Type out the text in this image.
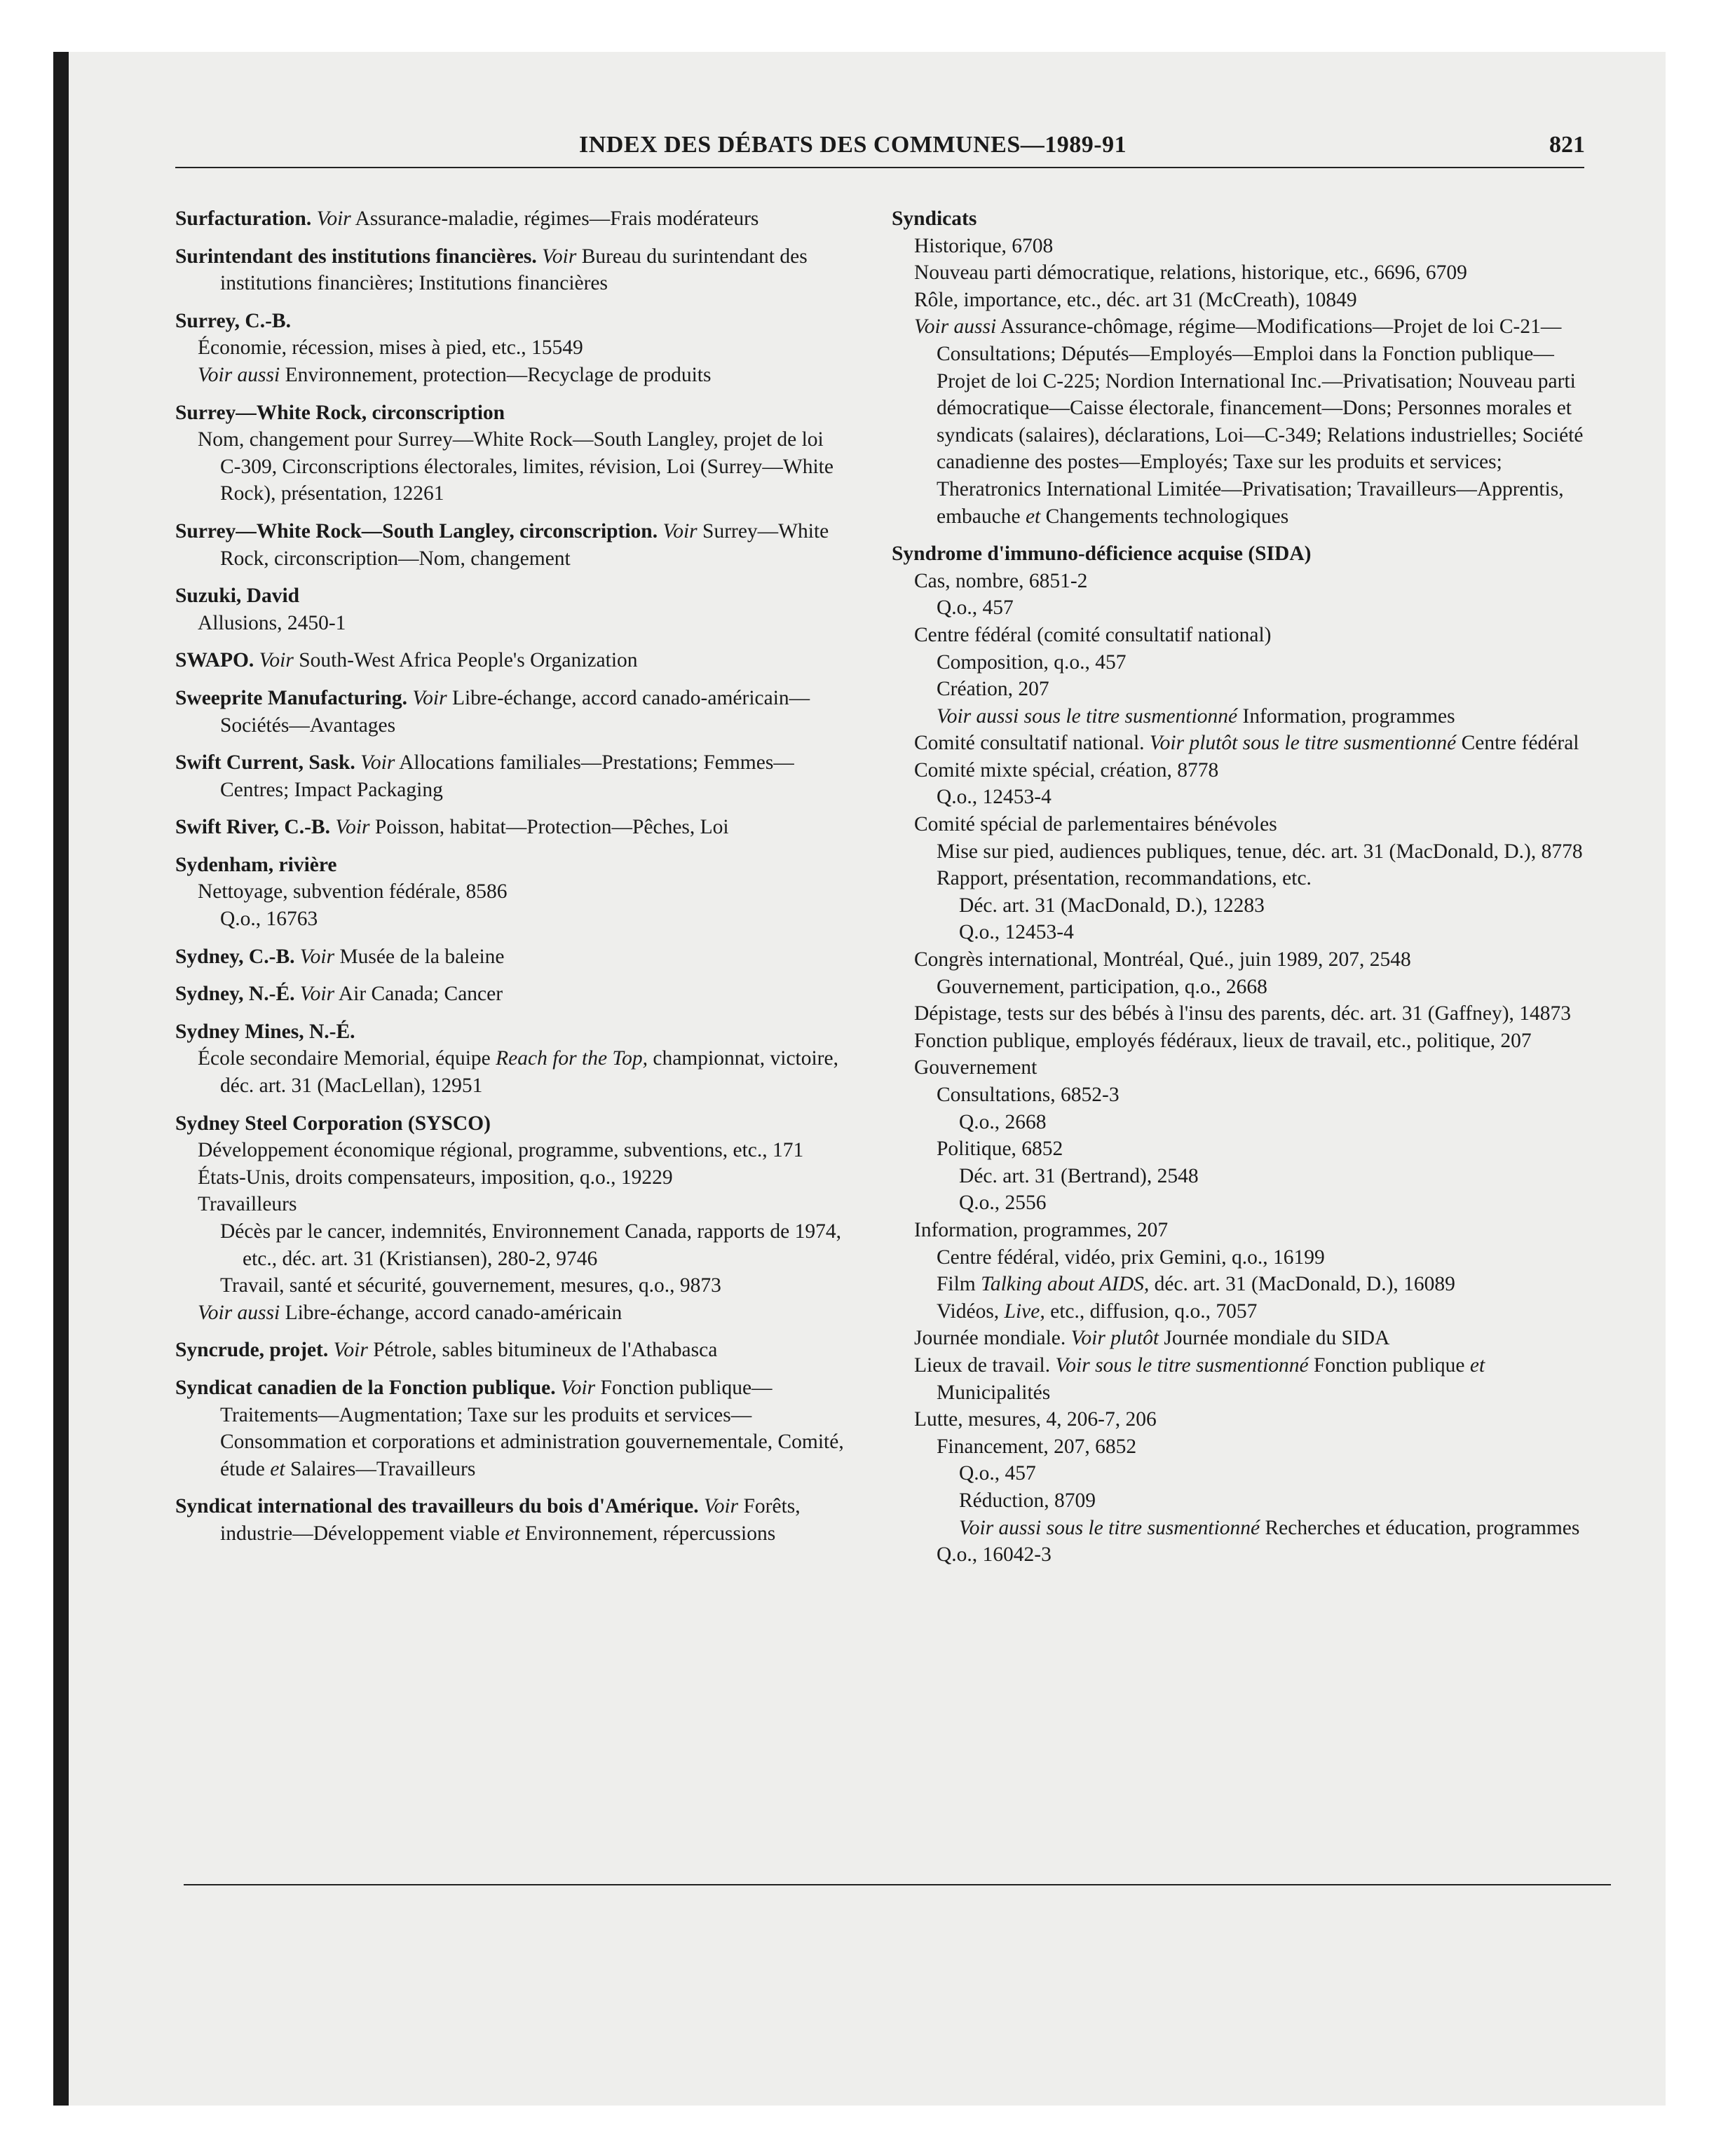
INDEX DES DÉBATS DES COMMUNES—1989-91	821
Surfacturation. Voir Assurance-maladie, régimes—Frais modérateurs
Surintendant des institutions financières. Voir Bureau du surintendant des institutions financières; Institutions financières
Surrey, C.-B.
Économie, récession, mises à pied, etc., 15549
Voir aussi Environnement, protection—Recyclage de produits
Surrey—White Rock, circonscription
Nom, changement pour Surrey—White Rock—South Langley, projet de loi C-309, Circonscriptions électorales, limites, révision, Loi (Surrey—White Rock), présentation, 12261
Surrey—White Rock—South Langley, circonscription. Voir Surrey—White Rock, circonscription—Nom, changement
Suzuki, David
Allusions, 2450-1
SWAPO. Voir South-West Africa People's Organization
Sweeprite Manufacturing. Voir Libre-échange, accord canado-américain—Sociétés—Avantages
Swift Current, Sask. Voir Allocations familiales—Prestations; Femmes—Centres; Impact Packaging
Swift River, C.-B. Voir Poisson, habitat—Protection—Pêches, Loi
Sydenham, rivière
Nettoyage, subvention fédérale, 8586
Q.o., 16763
Sydney, C.-B. Voir Musée de la baleine
Sydney, N.-É. Voir Air Canada; Cancer
Sydney Mines, N.-É.
École secondaire Memorial, équipe Reach for the Top, championnat, victoire, déc. art. 31 (MacLellan), 12951
Sydney Steel Corporation (SYSCO)
Développement économique régional, programme, subventions, etc., 171
États-Unis, droits compensateurs, imposition, q.o., 19229
Travailleurs
Décès par le cancer, indemnités, Environnement Canada, rapports de 1974, etc., déc. art. 31 (Kristiansen), 280-2, 9746
Travail, santé et sécurité, gouvernement, mesures, q.o., 9873
Voir aussi Libre-échange, accord canado-américain
Syncrude, projet. Voir Pétrole, sables bitumineux de l'Athabasca
Syndicat canadien de la Fonction publique. Voir Fonction publique—Traitements—Augmentation; Taxe sur les produits et services—Consommation et corporations et administration gouvernementale, Comité, étude et Salaires—Travailleurs
Syndicat international des travailleurs du bois d'Amérique. Voir Forêts, industrie—Développement viable et Environnement, répercussions
Syndicats
Historique, 6708
Nouveau parti démocratique, relations, historique, etc., 6696, 6709
Rôle, importance, etc., déc. art 31 (McCreath), 10849
Voir aussi Assurance-chômage, régime—Modifications—Projet de loi C-21—Consultations; Députés—Employés—Emploi dans la Fonction publique—Projet de loi C-225; Nordion International Inc.—Privatisation; Nouveau parti démocratique—Caisse électorale, financement—Dons; Personnes morales et syndicats (salaires), déclarations, Loi—C-349; Relations industrielles; Société canadienne des postes—Employés; Taxe sur les produits et services; Theratronics International Limitée—Privatisation; Travailleurs—Apprentis, embauche et Changements technologiques
Syndrome d'immuno-déficience acquise (SIDA)
Cas, nombre, 6851-2
Q.o., 457
Centre fédéral (comité consultatif national)
Composition, q.o., 457
Création, 207
Voir aussi sous le titre susmentionné Information, programmes
Comité consultatif national. Voir plutôt sous le titre susmentionné Centre fédéral
Comité mixte spécial, création, 8778
Q.o., 12453-4
Comité spécial de parlementaires bénévoles
Mise sur pied, audiences publiques, tenue, déc. art. 31 (MacDonald, D.), 8778
Rapport, présentation, recommandations, etc.
Déc. art. 31 (MacDonald, D.), 12283
Q.o., 12453-4
Congrès international, Montréal, Qué., juin 1989, 207, 2548
Gouvernement, participation, q.o., 2668
Dépistage, tests sur des bébés à l'insu des parents, déc. art. 31 (Gaffney), 14873
Fonction publique, employés fédéraux, lieux de travail, etc., politique, 207
Gouvernement
Consultations, 6852-3
Q.o., 2668
Politique, 6852
Déc. art. 31 (Bertrand), 2548
Q.o., 2556
Information, programmes, 207
Centre fédéral, vidéo, prix Gemini, q.o., 16199
Film Talking about AIDS, déc. art. 31 (MacDonald, D.), 16089
Vidéos, Live, etc., diffusion, q.o., 7057
Journée mondiale. Voir plutôt Journée mondiale du SIDA
Lieux de travail. Voir sous le titre susmentionné Fonction publique et Municipalités
Lutte, mesures, 4, 206-7, 206
Financement, 207, 6852
Q.o., 457
Réduction, 8709
Voir aussi sous le titre susmentionné Recherches et éducation, programmes
Q.o., 16042-3
